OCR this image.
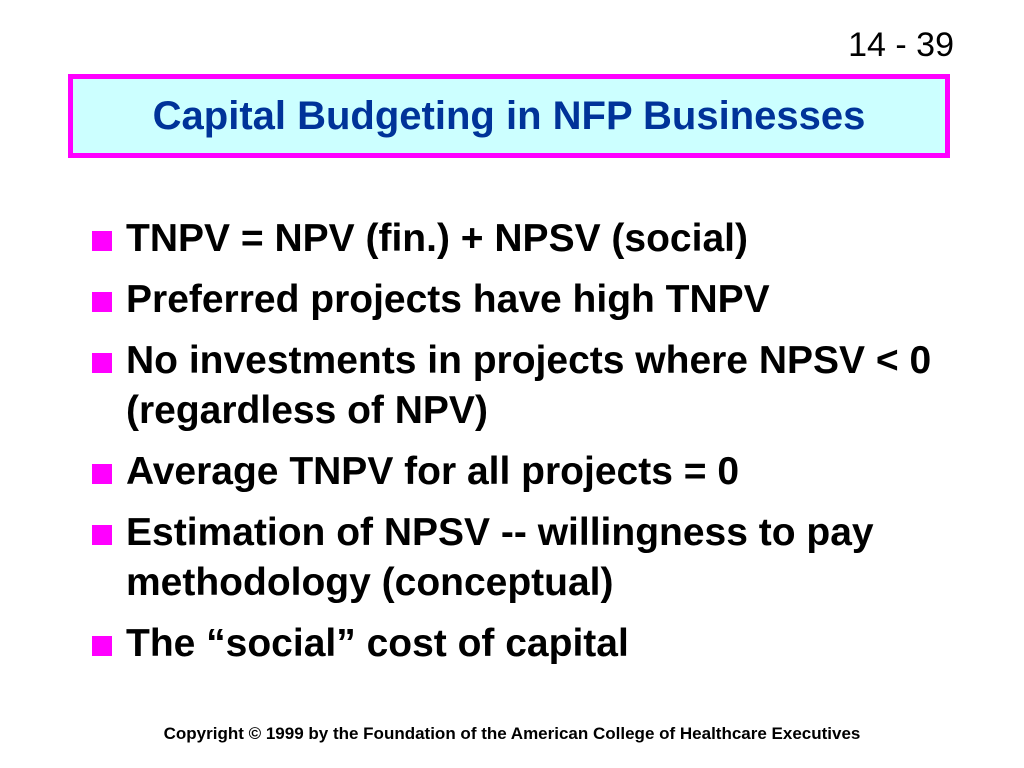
14 - 39
Capital Budgeting in NFP Businesses
TNPV = NPV (fin.) + NPSV (social)
Preferred projects have high TNPV
No investments in projects where NPSV < 0 (regardless of NPV)
Average TNPV for all projects = 0
Estimation of NPSV -- willingness to pay methodology (conceptual)
The “social” cost of capital
Copyright © 1999 by the Foundation of the American College of Healthcare Executives
